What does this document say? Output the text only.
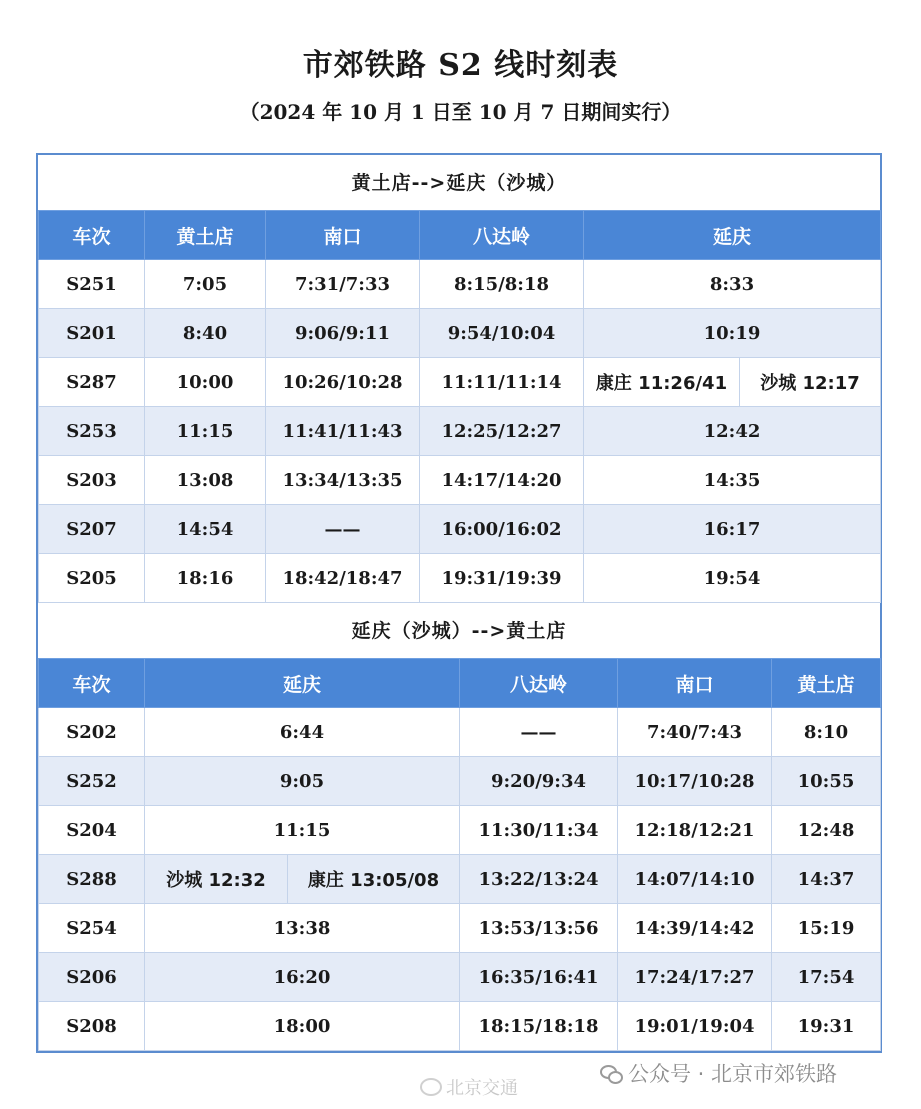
市郊铁路 S2 线时刻表
（2024 年 10 月 1 日至 10 月 7 日期间实行）
黄土店-->延庆（沙城）
车次	黄土店	南口	八达岭	延庆	
S251	7:05	7:31/7:33	8:15/8:18	8:33	
S201	8:40	9:06/9:11	9:54/10:04	10:19	
S287	10:00	10:26/10:28	11:11/11:14	康庄 11:26/41	沙城 12:17
S253	11:15	11:41/11:43	12:25/12:27	12:42	
S203	13:08	13:34/13:35	14:17/14:20	14:35	
S207	14:54	——	16:00/16:02	16:17	
S205	18:16	18:42/18:47	19:31/19:39	19:54	
延庆（沙城）-->黄土店
车次	延庆		八达岭	南口	黄土店
S202	6:44		——	7:40/7:43	8:10
S252	9:05		9:20/9:34	10:17/10:28	10:55
S204	11:15		11:30/11:34	12:18/12:21	12:48
S288	沙城 12:32	康庄 13:05/08	13:22/13:24	14:07/14:10	14:37
S254	13:38		13:53/13:56	14:39/14:42	15:19
S206	16:20		16:35/16:41	17:24/17:27	17:54
S208	18:00		18:15/18:18	19:01/19:04	19:31
北京交通
公众号 · 北京市郊铁路
